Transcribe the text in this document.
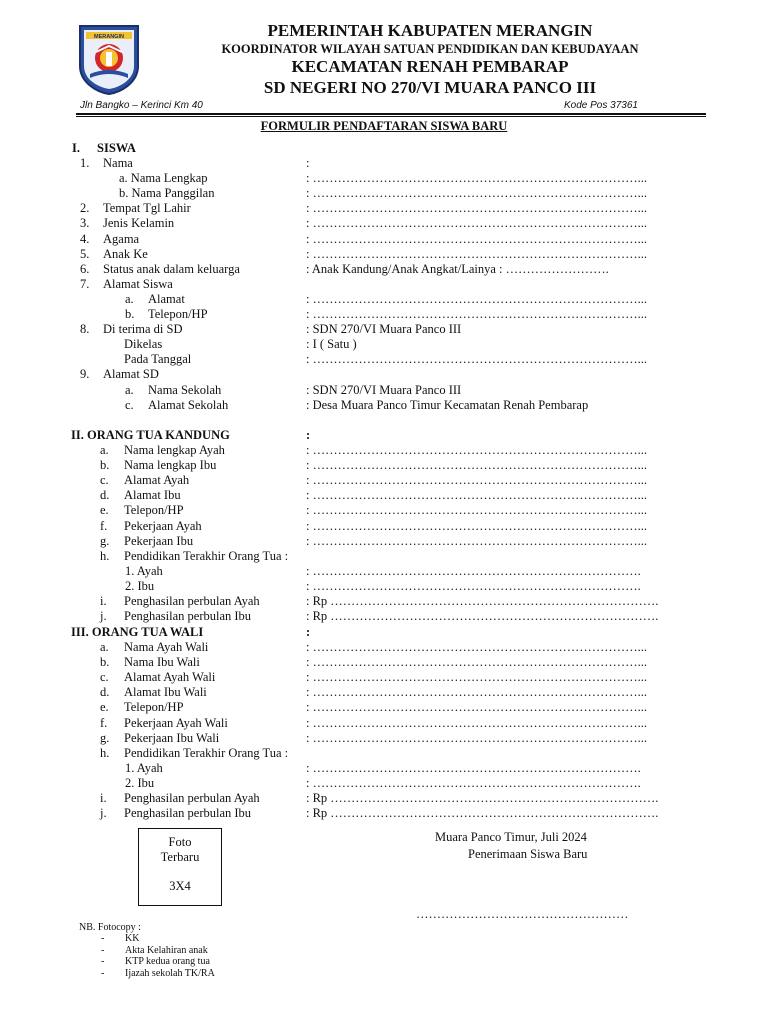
MERANGIN	PEMERINTAH KABUPATEN MERANGIN
KOORDINATOR WILAYAH SATUAN PENDIDIKAN DAN KEBUDAYAAN
KECAMATAN RENAH PEMBARAP
SD NEGERI NO 270/VI MUARA PANCO III
Jln Bangko – Kerinci Km 40	Kode Pos 37361
FORMULIR PENDAFTARAN SISWA BARU
I. SISWA
1. Nama	:
a. Nama Lengkap	: ……………………………………………………………………...
b. Nama Panggilan	: ……………………………………………………………………...
2. Tempat Tgl Lahir	: ……………………………………………………………………...
3. Jenis Kelamin	: ……………………………………………………………………...
4. Agama	: ……………………………………………………………………...
5. Anak Ke	: ……………………………………………………………………...
6. Status anak dalam keluarga	: Anak Kandung/Anak Angkat/Lainya : …………………….
7. Alamat Siswa
a. Alamat	: ……………………………………………………………………...
b. Telepon/HP	: ……………………………………………………………………...
8. Di terima di SD	: SDN 270/VI Muara Panco III
Dikelas	: I ( Satu )
Pada Tanggal	: ……………………………………………………………………...
9. Alamat SD
a. Nama Sekolah	: SDN 270/VI Muara Panco III
c. Alamat Sekolah	: Desa Muara Panco Timur Kecamatan Renah Pembarap
II. ORANG TUA KANDUNG	:
a. Nama lengkap Ayah	: ……………………………………………………………………...
b. Nama lengkap Ibu	: ……………………………………………………………………...
c. Alamat Ayah	: ……………………………………………………………………...
d. Alamat Ibu	: ……………………………………………………………………...
e. Telepon/HP	: ……………………………………………………………………...
f. Pekerjaan Ayah	: ……………………………………………………………………...
g. Pekerjaan Ibu	: ……………………………………………………………………...
h. Pendidikan Terakhir Orang Tua :
1. Ayah	: …………………………………………………………………….
2. Ibu	: …………………………………………………………………….
i. Penghasilan perbulan Ayah	: Rp …………………………………………………………………….
j. Penghasilan perbulan Ibu	: Rp …………………………………………………………………….
III. ORANG TUA WALI	:
a. Nama Ayah Wali	: ……………………………………………………………………...
b. Nama Ibu Wali	: ……………………………………………………………………...
c. Alamat Ayah Wali	: ……………………………………………………………………...
d. Alamat Ibu Wali	: ……………………………………………………………………...
e. Telepon/HP	: ……………………………………………………………………...
f. Pekerjaan Ayah Wali	: ……………………………………………………………………...
g. Pekerjaan Ibu Wali	: ……………………………………………………………………...
h. Pendidikan Terakhir Orang Tua :
1. Ayah	: …………………………………………………………………….
2. Ibu	: …………………………………………………………………….
i. Penghasilan perbulan Ayah	: Rp …………………………………………………………………….
j. Penghasilan perbulan Ibu	: Rp …………………………………………………………………….
Foto
Terbaru
3X4
Muara Panco Timur, Juli 2024
Penerimaan Siswa Baru
……………………………………………
NB. Fotocopy :
- KK
- Akta Kelahiran anak
- KTP kedua orang tua
- Ijazah sekolah TK/RA
